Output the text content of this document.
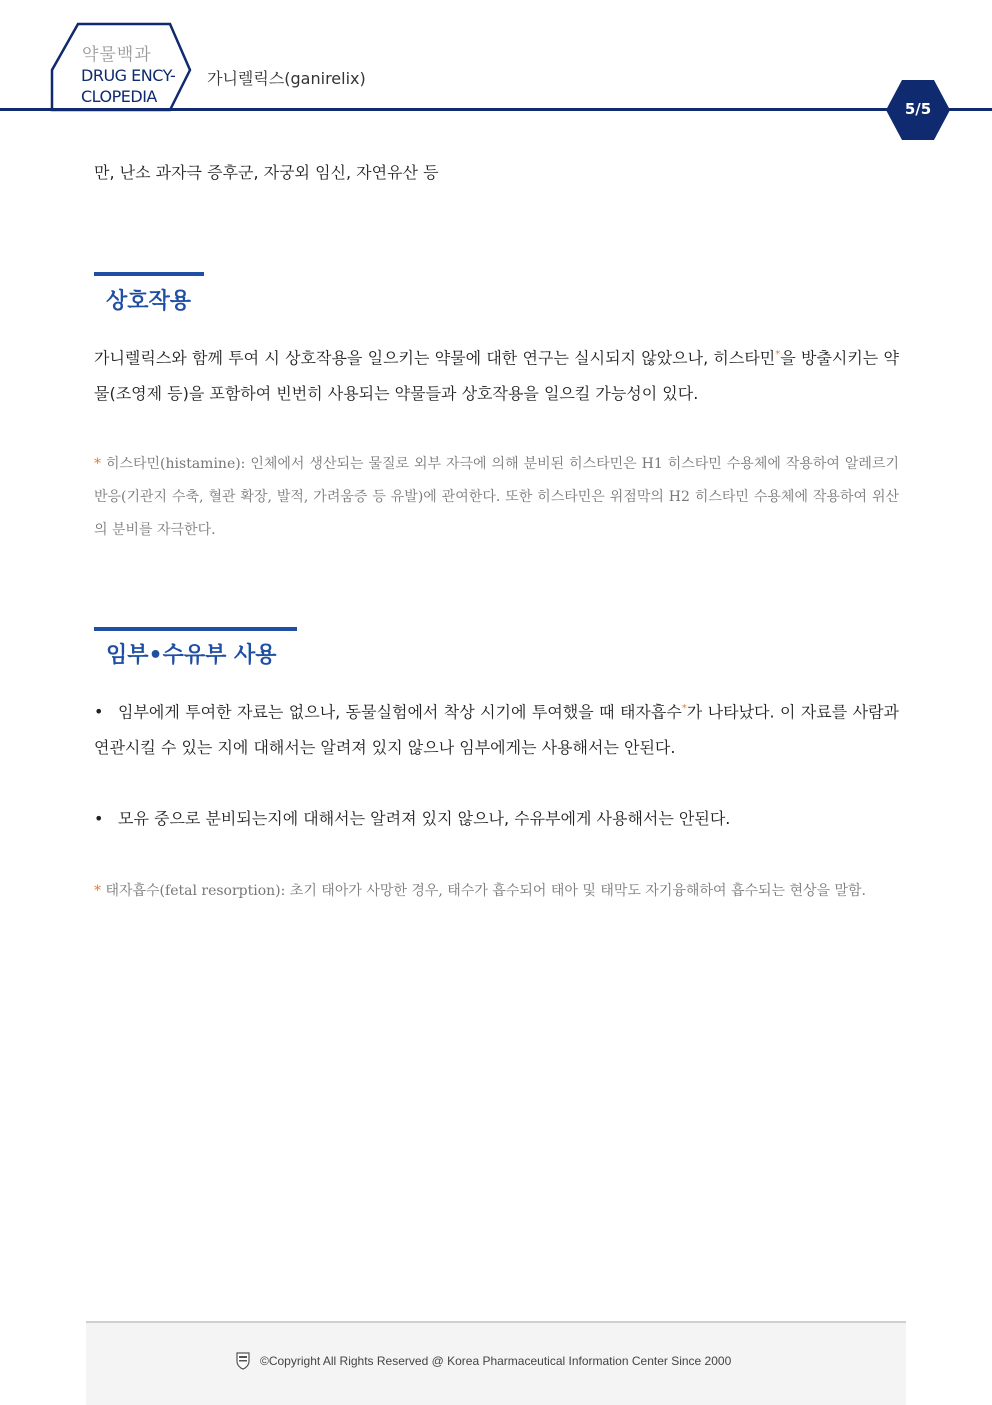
약물백과
DRUG ENCY-
CLOPEDIA
가니렐릭스(ganirelix)
5/5
만, 난소 과자극 증후군, 자궁외 임신, 자연유산 등
상호작용
가니렐릭스와 함께 투여 시 상호작용을 일으키는 약물에 대한 연구는 실시되지 않았으나, 히스타민*을 방출시키는 약물(조영제 등)을 포함하여 빈번히 사용되는 약물들과 상호작용을 일으킬 가능성이 있다.
* 히스타민(histamine): 인체에서 생산되는 물질로 외부 자극에 의해 분비된 히스타민은 H1 히스타민 수용체에 작용하여 알레르기 반응(기관지 수축, 혈관 확장, 발적, 가려움증 등 유발)에 관여한다. 또한 히스타민은 위점막의 H2 히스타민 수용체에 작용하여 위산의 분비를 자극한다.
임부•수유부 사용
• 임부에게 투여한 자료는 없으나, 동물실험에서 착상 시기에 투여했을 때 태자흡수*가 나타났다. 이 자료를 사람과 연관시킬 수 있는 지에 대해서는 알려져 있지 않으나 임부에게는 사용해서는 안된다.
• 모유 중으로 분비되는지에 대해서는 알려져 있지 않으나, 수유부에게 사용해서는 안된다.
* 태자흡수(fetal resorption): 초기 태아가 사망한 경우, 태수가 흡수되어 태아 및 태막도 자기융해하여 흡수되는 현상을 말함.
©Copyright All Rights Reserved @ Korea Pharmaceutical Information Center Since 2000
